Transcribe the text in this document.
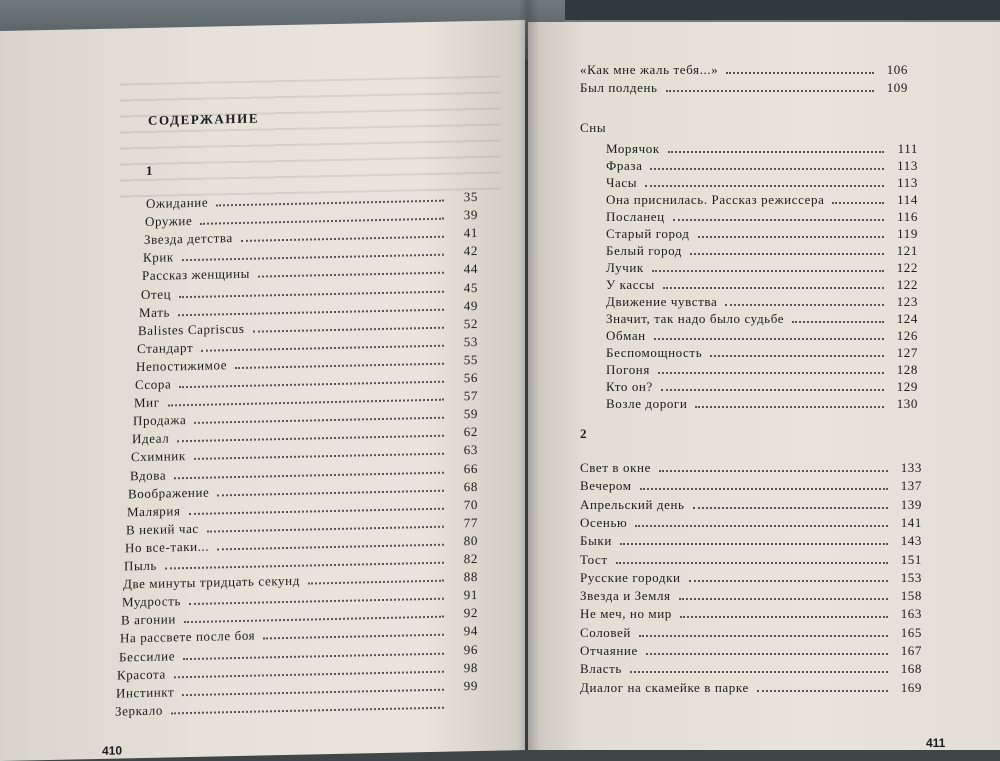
СОДЕРЖАНИЕ
1
Ожидание	35
Оружие	39
Звезда детства	41
Крик	42
Рассказ женщины	44
Отец	45
Мать	49
Balistes Capriscus	52
Стандарт	53
Непостижимое	55
Ссора	56
Миг	57
Продажа	59
Идеал	62
Схимник	63
Вдова	66
Воображение	68
Малярия	70
В некий час	77
Но все-таки...	80
Пыль	82
Две минуты тридцать секунд	88
Мудрость	91
В агонии	92
На рассвете после боя	94
Бессилие	96
Красота	98
Инстинкт	99
Зеркало
410
«Как мне жаль тебя...»	106
Был полдень	109
Сны
Морячок	111
Фраза	113
Часы	113
Она приснилась. Рассказ режиссера	114
Посланец	116
Старый город	119
Белый город	121
Лучик	122
У кассы	122
Движение чувства	123
Значит, так надо было судьбе	124
Обман	126
Беспомощность	127
Погоня	128
Кто он?	129
Возле дороги	130
2
Свет в окне	133
Вечером	137
Апрельский день	139
Осенью	141
Быки	143
Тост	151
Русские городки	153
Звезда и Земля	158
Не меч, но мир	163
Соловей	165
Отчаяние	167
Власть	168
Диалог на скамейке в парке	169
411
